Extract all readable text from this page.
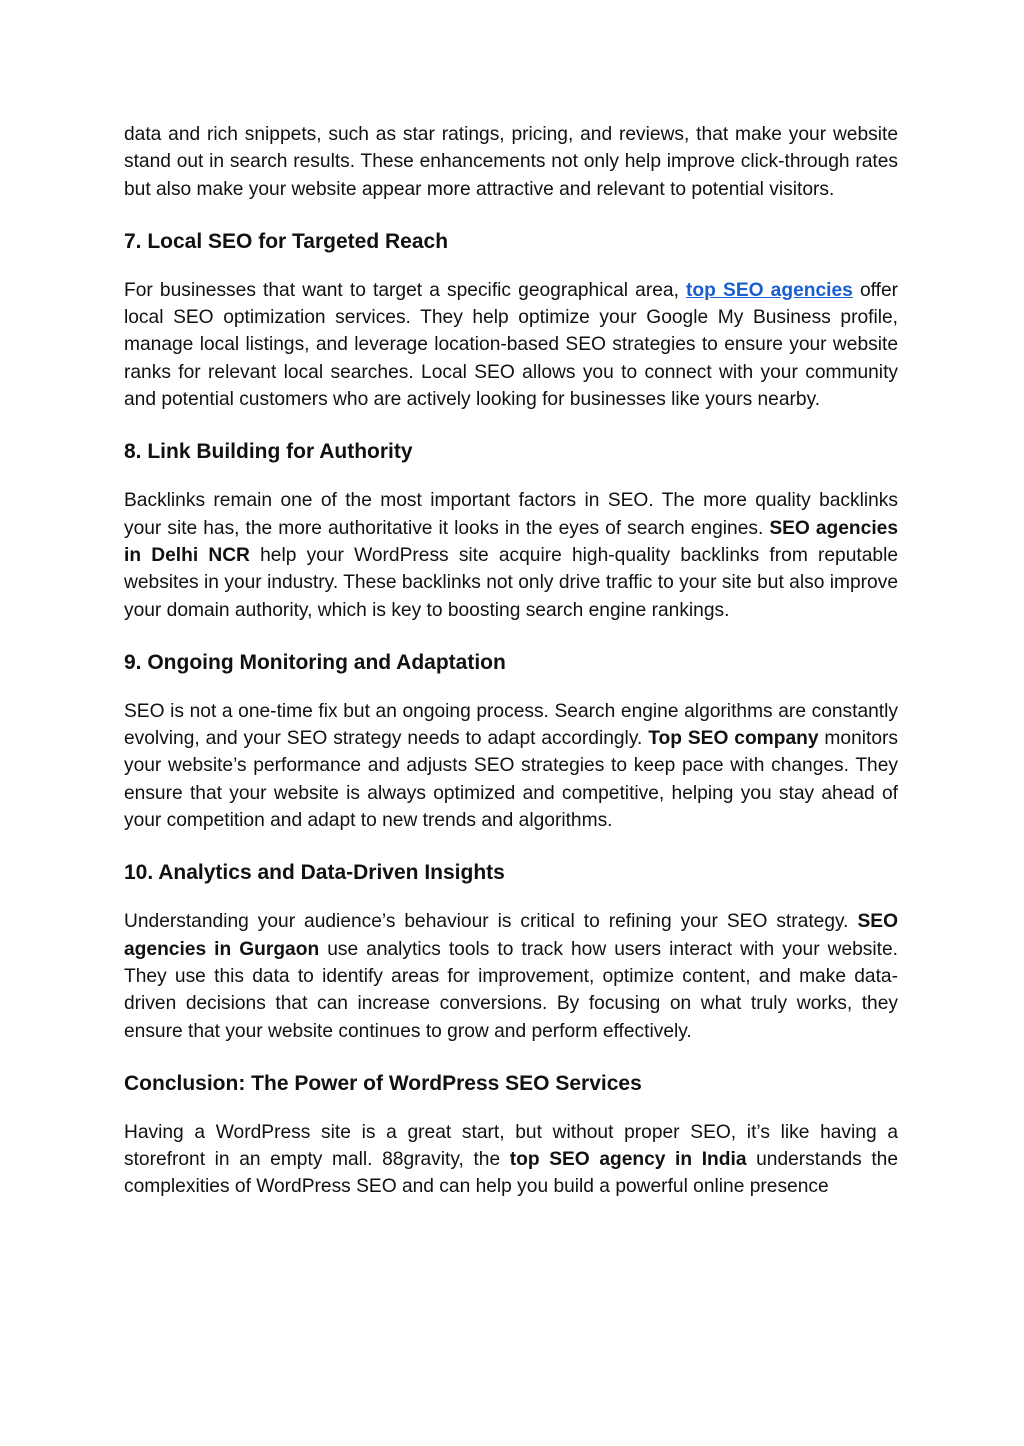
data and rich snippets, such as star ratings, pricing, and reviews, that make your website stand out in search results. These enhancements not only help improve click-through rates but also make your website appear more attractive and relevant to potential visitors.

7. Local SEO for Targeted Reach

For businesses that want to target a specific geographical area, top SEO agencies offer local SEO optimization services. They help optimize your Google My Business profile, manage local listings, and leverage location-based SEO strategies to ensure your website ranks for relevant local searches. Local SEO allows you to connect with your community and potential customers who are actively looking for businesses like yours nearby.

8. Link Building for Authority

Backlinks remain one of the most important factors in SEO. The more quality backlinks your site has, the more authoritative it looks in the eyes of search engines. SEO agencies in Delhi NCR help your WordPress site acquire high-quality backlinks from reputable websites in your industry. These backlinks not only drive traffic to your site but also improve your domain authority, which is key to boosting search engine rankings.

9. Ongoing Monitoring and Adaptation

SEO is not a one-time fix but an ongoing process. Search engine algorithms are constantly evolving, and your SEO strategy needs to adapt accordingly. Top SEO company monitors your website’s performance and adjusts SEO strategies to keep pace with changes. They ensure that your website is always optimized and competitive, helping you stay ahead of your competition and adapt to new trends and algorithms.

10. Analytics and Data-Driven Insights

Understanding your audience’s behaviour is critical to refining your SEO strategy. SEO agencies in Gurgaon use analytics tools to track how users interact with your website. They use this data to identify areas for improvement, optimize content, and make data-driven decisions that can increase conversions. By focusing on what truly works, they ensure that your website continues to grow and perform effectively.

Conclusion: The Power of WordPress SEO Services

Having a WordPress site is a great start, but without proper SEO, it’s like having a storefront in an empty mall. 88gravity, the top SEO agency in India understands the complexities of WordPress SEO and can help you build a powerful online presence
